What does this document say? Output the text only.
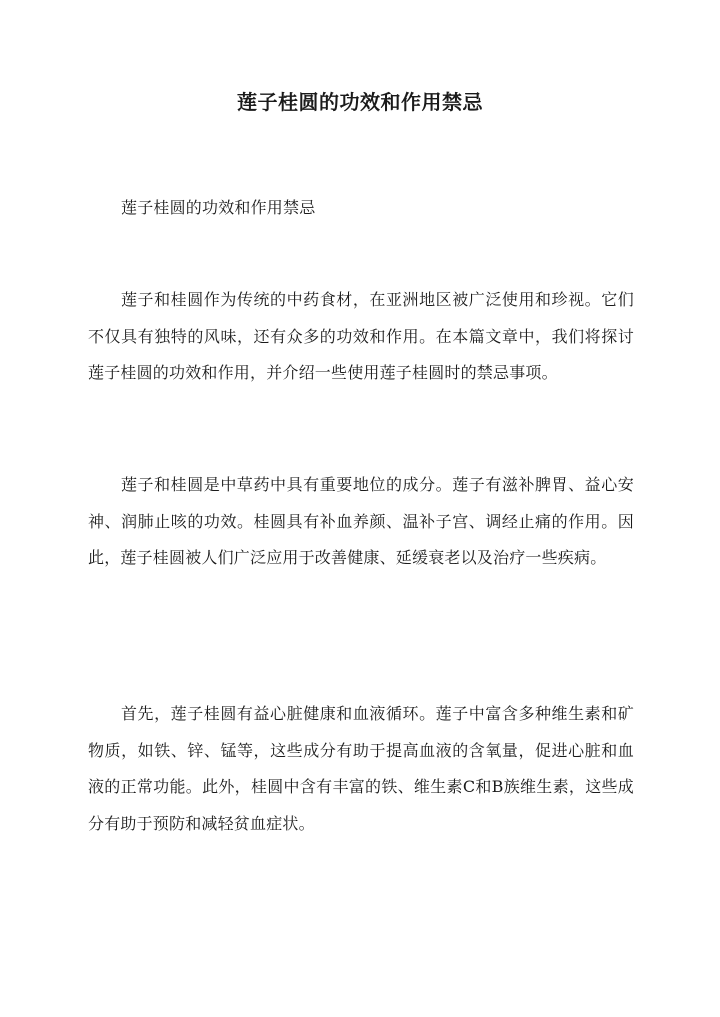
莲子桂圆的功效和作用禁忌

莲子桂圆的功效和作用禁忌

莲子和桂圆作为传统的中药食材，在亚洲地区被广泛使用和珍视。它们不仅具有独特的风味，还有众多的功效和作用。在本篇文章中，我们将探讨莲子桂圆的功效和作用，并介绍一些使用莲子桂圆时的禁忌事项。

莲子和桂圆是中草药中具有重要地位的成分。莲子有滋补脾胃、益心安神、润肺止咳的功效。桂圆具有补血养颜、温补子宫、调经止痛的作用。因此，莲子桂圆被人们广泛应用于改善健康、延缓衰老以及治疗一些疾病。

首先，莲子桂圆有益心脏健康和血液循环。莲子中富含多种维生素和矿物质，如铁、锌、锰等，这些成分有助于提高血液的含氧量，促进心脏和血液的正常功能。此外，桂圆中含有丰富的铁、维生素C和B族维生素，这些成分有助于预防和减轻贫血症状。
